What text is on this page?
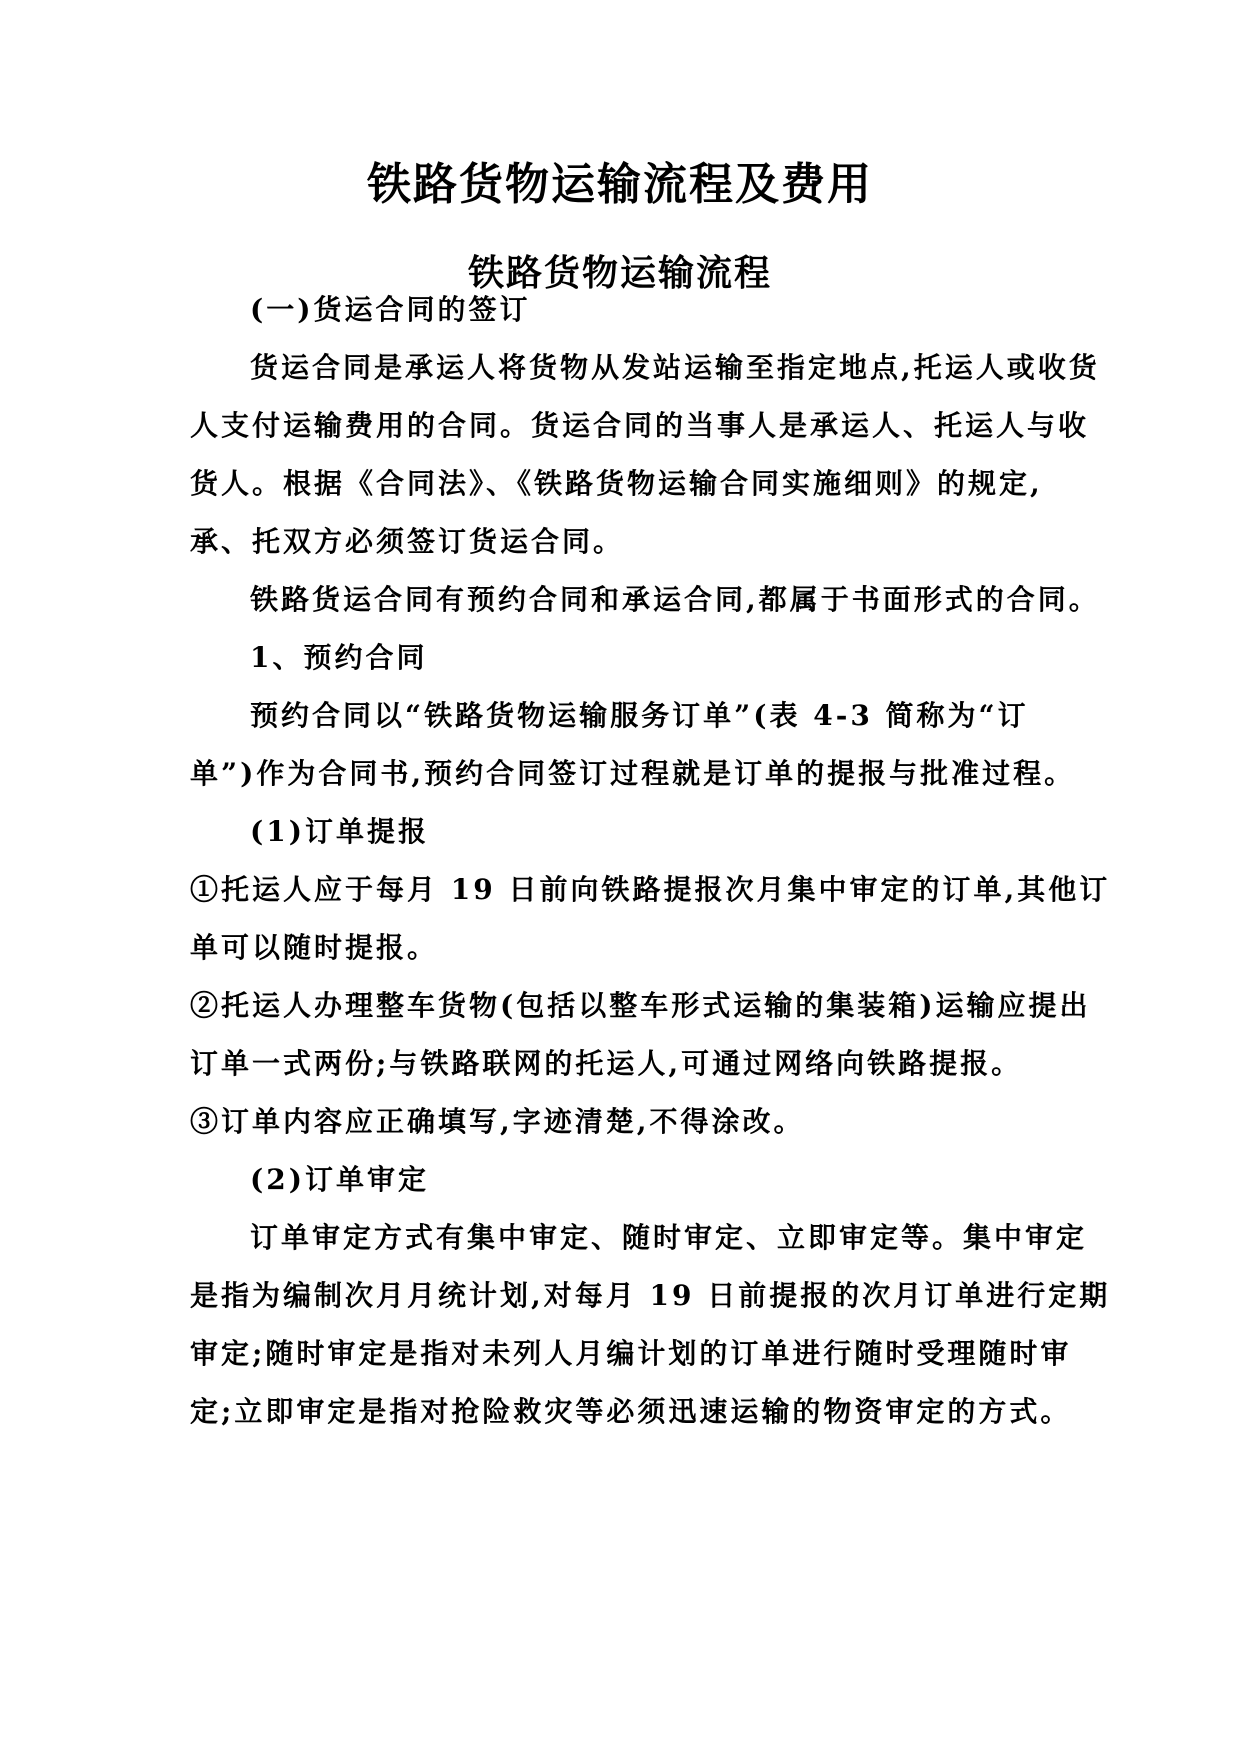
铁路货物运输流程及费用
铁路货物运输流程
(一)货运合同的签订
货运合同是承运人将货物从发站运输至指定地点,托运人或收货
人支付运输费用的合同。货运合同的当事人是承运人、托运人与收
货人。根据《合同法》、《铁路货物运输合同实施细则》的规定,
承、托双方必须签订货运合同。
铁路货运合同有预约合同和承运合同,都属于书面形式的合同。
1、预约合同
预约合同以“铁路货物运输服务订单”(表 4-3 简称为“订
单”)作为合同书,预约合同签订过程就是订单的提报与批准过程。
(1)订单提报
①托运人应于每月 19 日前向铁路提报次月集中审定的订单,其他订
单可以随时提报。
②托运人办理整车货物(包括以整车形式运输的集装箱)运输应提出
订单一式两份;与铁路联网的托运人,可通过网络向铁路提报。
③订单内容应正确填写,字迹清楚,不得涂改。
(2)订单审定
订单审定方式有集中审定、随时审定、立即审定等。集中审定
是指为编制次月月统计划,对每月 19 日前提报的次月订单进行定期
审定;随时审定是指对未列人月编计划的订单进行随时受理随时审
定;立即审定是指对抢险救灾等必须迅速运输的物资审定的方式。
